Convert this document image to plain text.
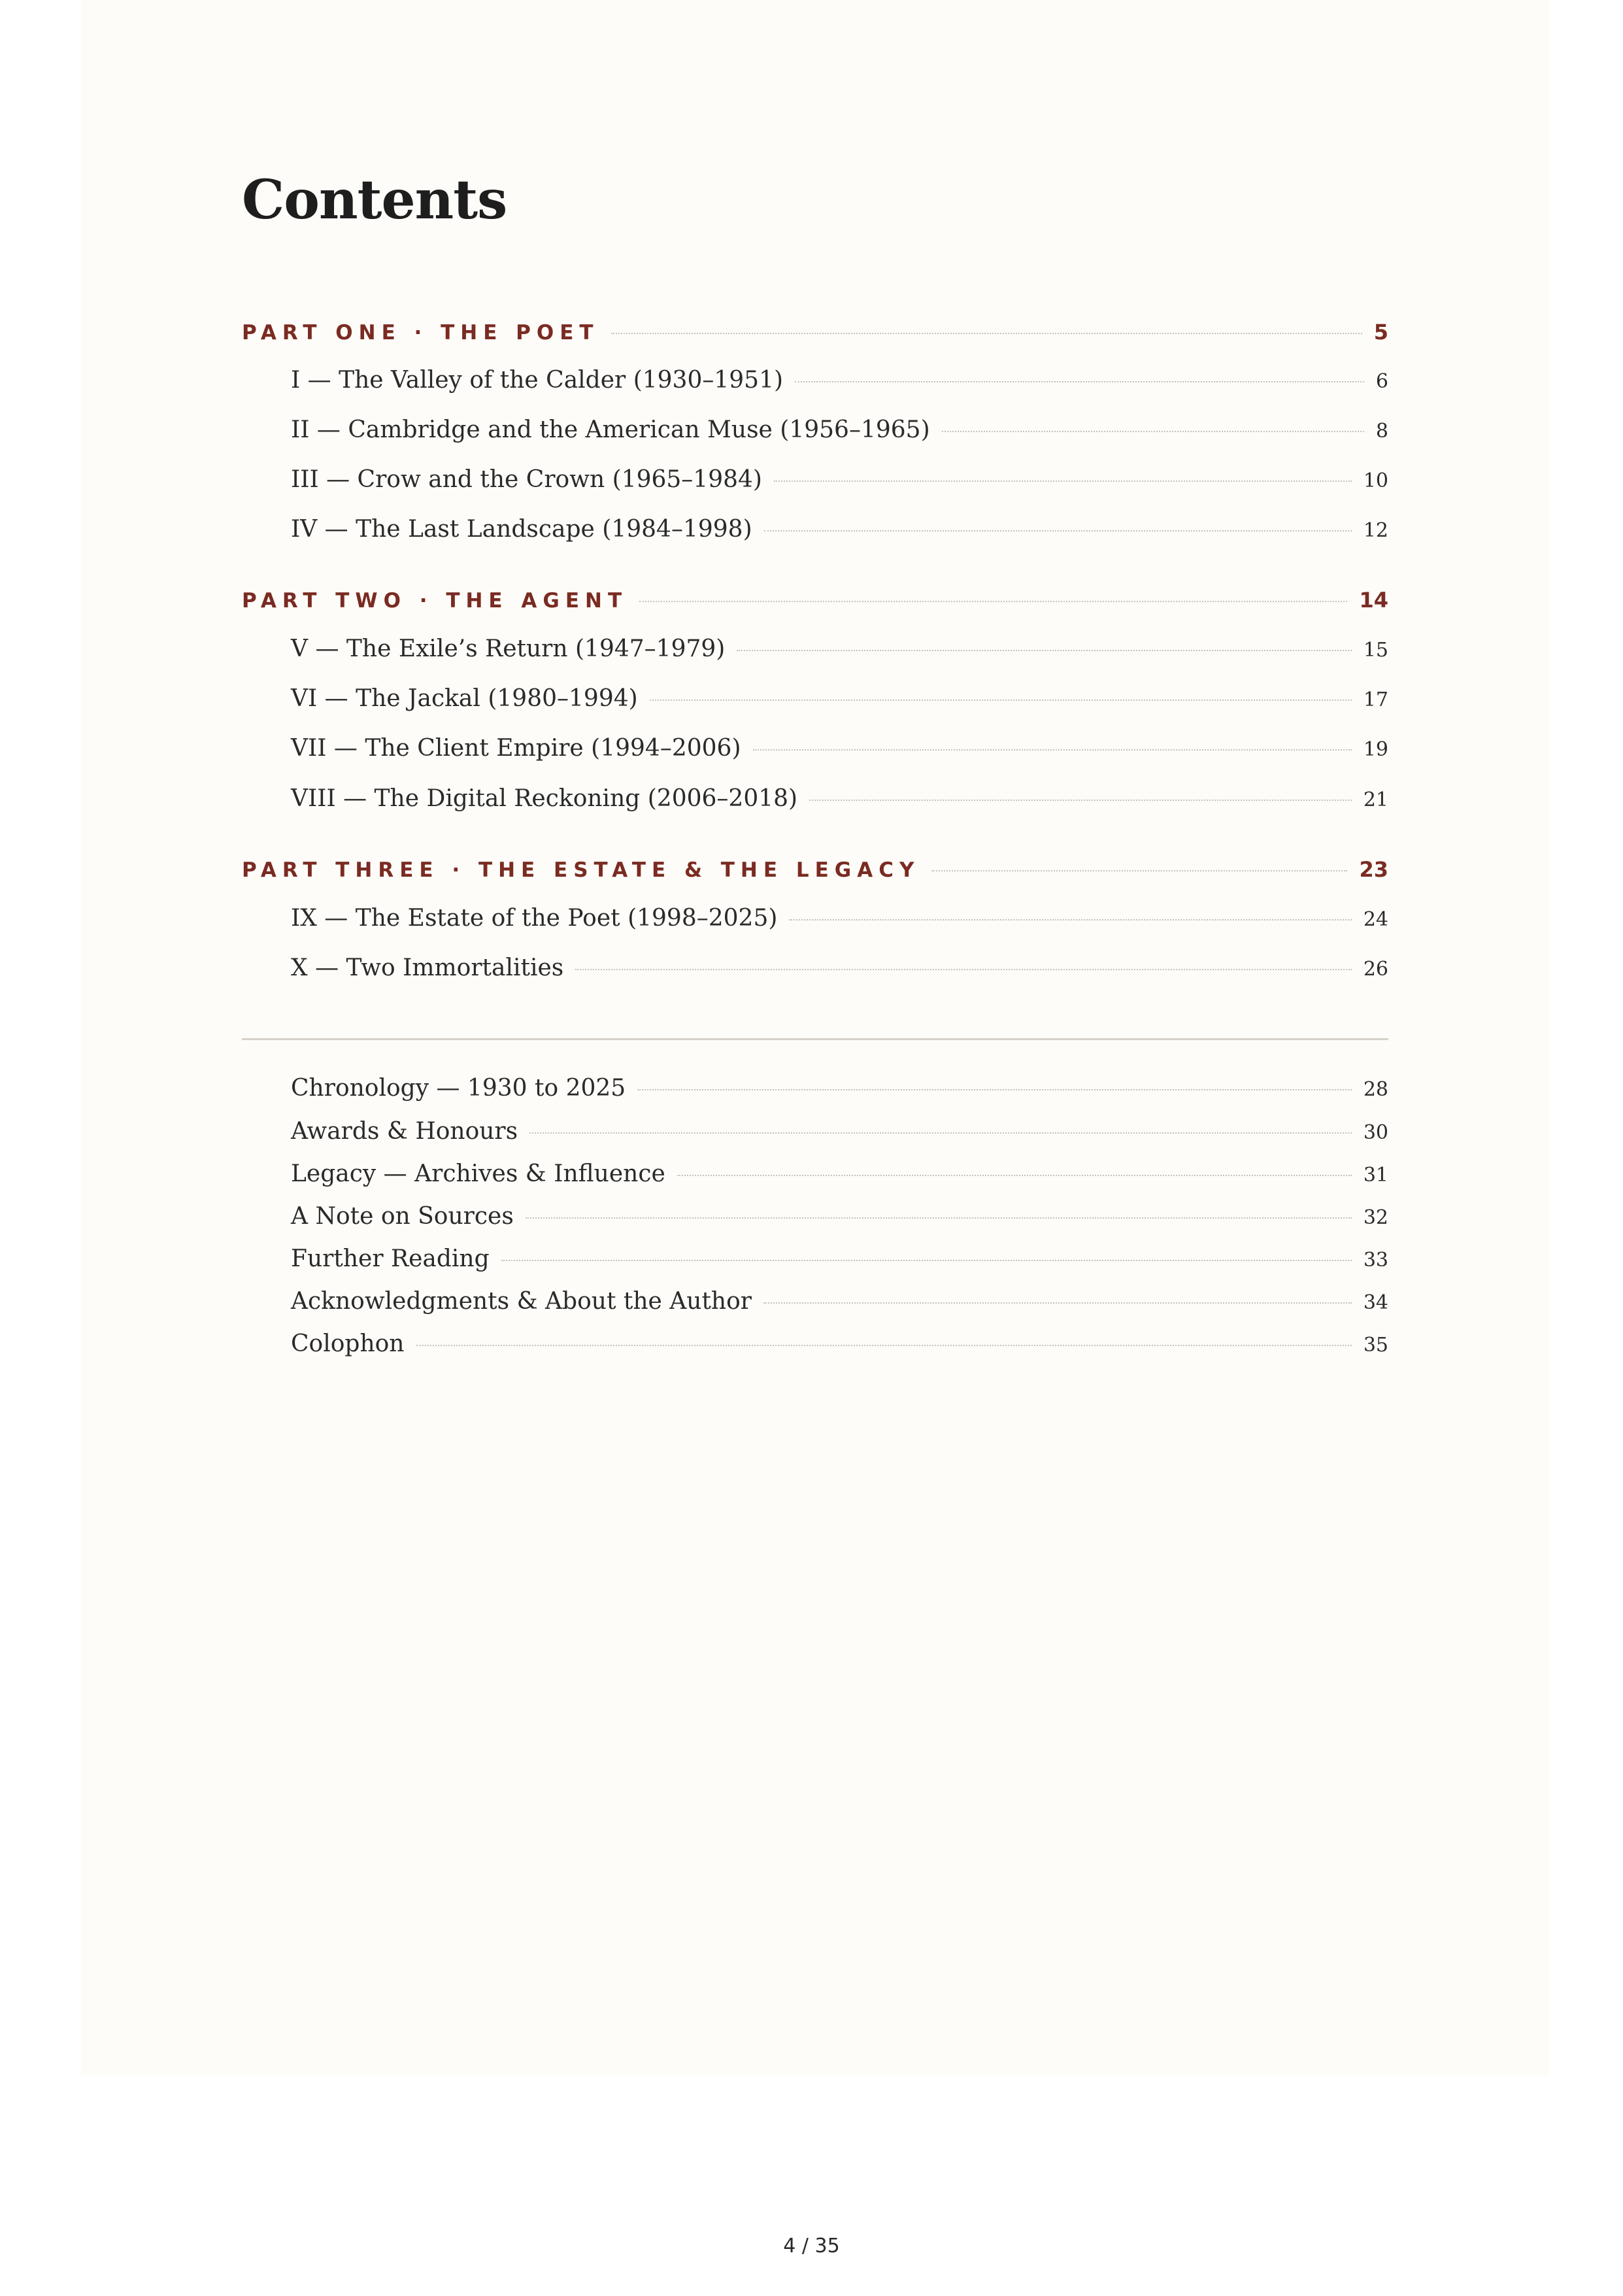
Contents
PART ONE · THE POET	5
I — The Valley of the Calder (1930–1951)	6
II — Cambridge and the American Muse (1956–1965)	8
III — Crow and the Crown (1965–1984)	10
IV — The Last Landscape (1984–1998)	12
PART TWO · THE AGENT	14
V — The Exile’s Return (1947–1979)	15
VI — The Jackal (1980–1994)	17
VII — The Client Empire (1994–2006)	19
VIII — The Digital Reckoning (2006–2018)	21
PART THREE · THE ESTATE & THE LEGACY	23
IX — The Estate of the Poet (1998–2025)	24
X — Two Immortalities	26
Chronology — 1930 to 2025	28
Awards & Honours	30
Legacy — Archives & Influence	31
A Note on Sources	32
Further Reading	33
Acknowledgments & About the Author	34
Colophon	35
4 / 35
